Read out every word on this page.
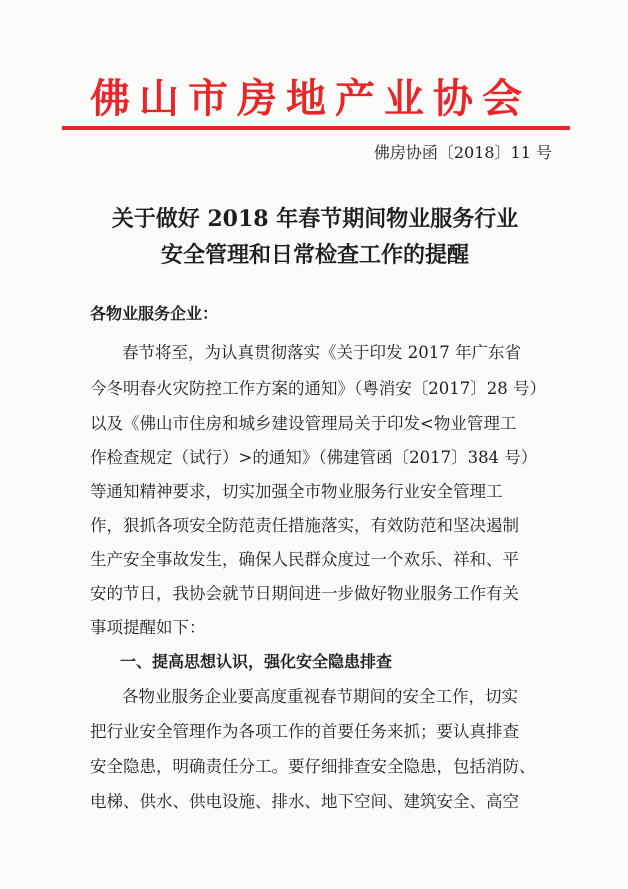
佛山市房地产业协会
佛房协函〔2018〕11 号
关于做好 2018 年春节期间物业服务行业
安全管理和日常检查工作的提醒
各物业服务企业：
春节将至，为认真贯彻落实《关于印发 2017 年广东省
今冬明春火灾防控工作方案的通知》（粤消安〔2017〕28 号）
以及《佛山市住房和城乡建设管理局关于印发<物业管理工
作检查规定（试行）>的通知》（佛建管函〔2017〕384 号）
等通知精神要求，切实加强全市物业服务行业安全管理工
作，狠抓各项安全防范责任措施落实，有效防范和坚决遏制
生产安全事故发生，确保人民群众度过一个欢乐、祥和、平
安的节日，我协会就节日期间进一步做好物业服务工作有关
事项提醒如下：
一、提高思想认识，强化安全隐患排查
各物业服务企业要高度重视春节期间的安全工作，切实
把行业安全管理作为各项工作的首要任务来抓；要认真排查
安全隐患，明确责任分工。要仔细排查安全隐患，包括消防、
电梯、供水、供电设施、排水、地下空间、建筑安全、高空
